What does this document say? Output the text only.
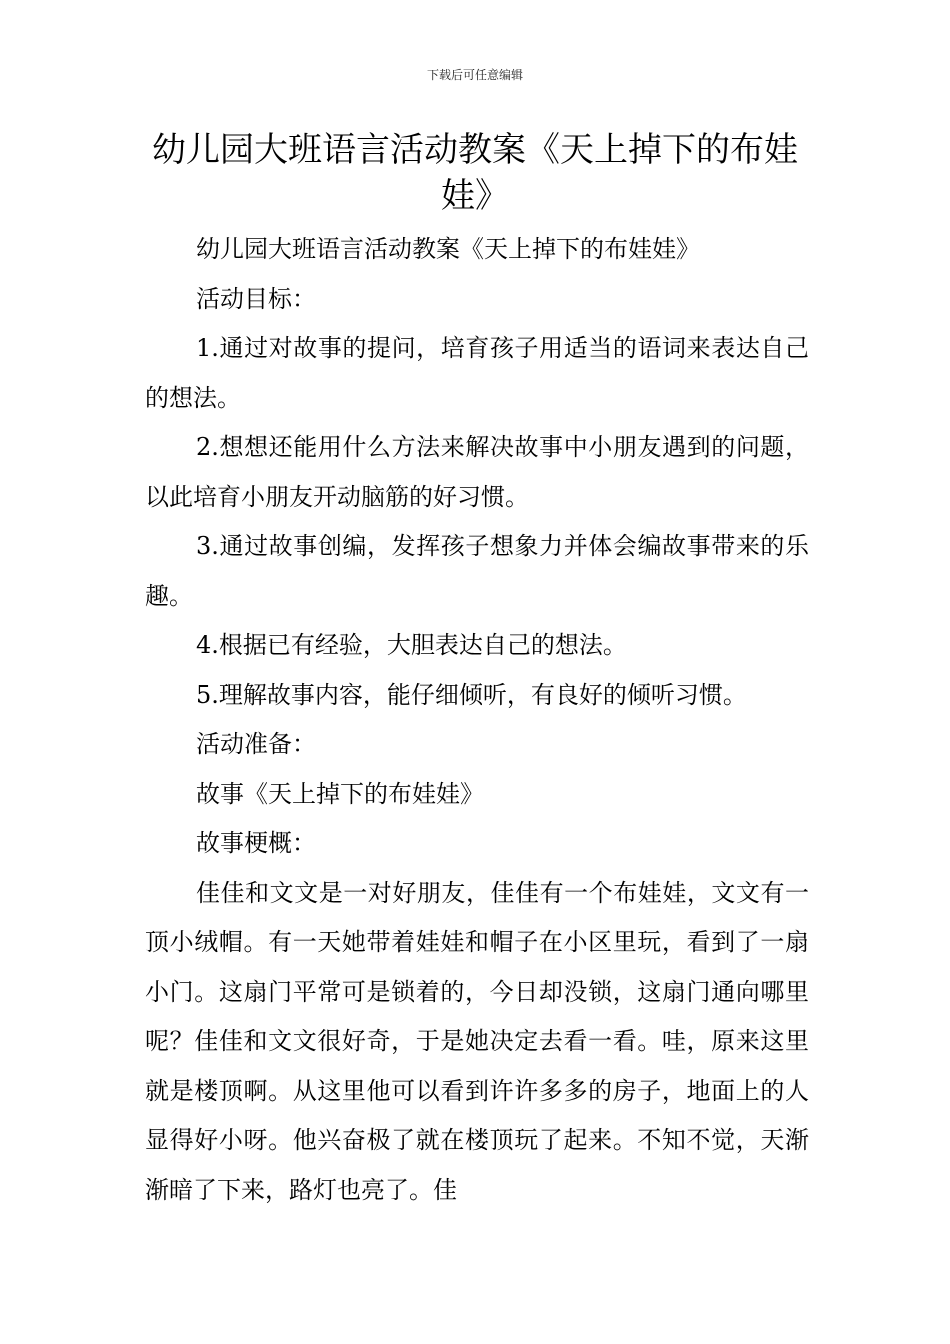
下载后可任意编辑
幼儿园大班语言活动教案《天上掉下的布娃娃》

幼儿园大班语言活动教案《天上掉下的布娃娃》

活动目标：

1.通过对故事的提问，培育孩子用适当的语词来表达自己的想法。

2.想想还能用什么方法来解决故事中小朋友遇到的问题，以此培育小朋友开动脑筋的好习惯。

3.通过故事创编，发挥孩子想象力并体会编故事带来的乐趣。

4.根据已有经验，大胆表达自己的想法。

5.理解故事内容，能仔细倾听，有良好的倾听习惯。

活动准备：

故事《天上掉下的布娃娃》

故事梗概：

佳佳和文文是一对好朋友，佳佳有一个布娃娃，文文有一顶小绒帽。有一天她带着娃娃和帽子在小区里玩，看到了一扇小门。这扇门平常可是锁着的，今日却没锁，这扇门通向哪里呢？佳佳和文文很好奇，于是她决定去看一看。哇，原来这里就是楼顶啊。从这里他可以看到许许多多的房子，地面上的人显得好小呀。他兴奋极了就在楼顶玩了起来。不知不觉，天渐渐暗了下来，路灯也亮了。佳
